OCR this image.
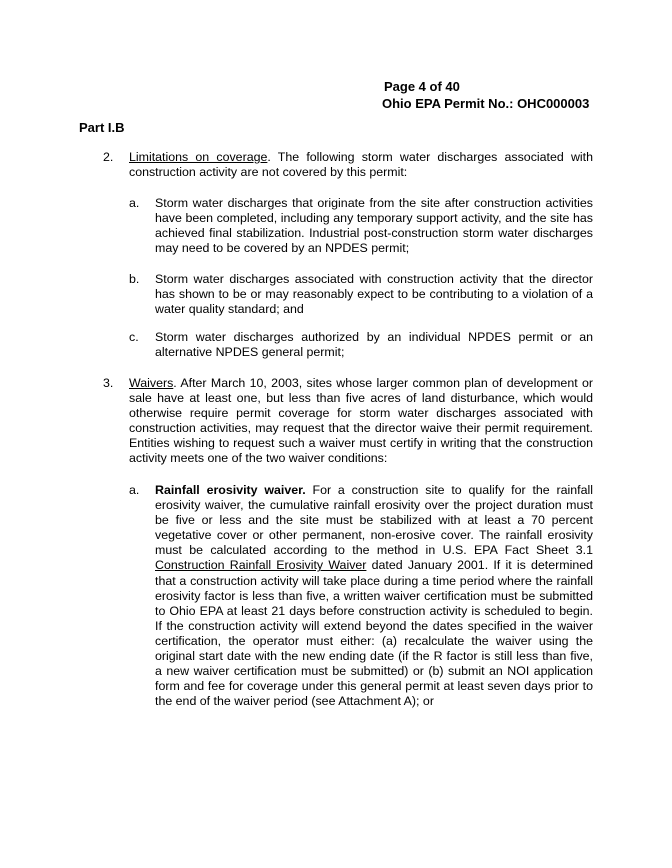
Page 4 of 40
Ohio EPA Permit No.: OHC000003
Part I.B
2. Limitations on coverage. The following storm water discharges associated with construction activity are not covered by this permit:
a. Storm water discharges that originate from the site after construction activities have been completed, including any temporary support activity, and the site has achieved final stabilization. Industrial post-construction storm water discharges may need to be covered by an NPDES permit;
b. Storm water discharges associated with construction activity that the director has shown to be or may reasonably expect to be contributing to a violation of a water quality standard; and
c. Storm water discharges authorized by an individual NPDES permit or an alternative NPDES general permit;
3. Waivers. After March 10, 2003, sites whose larger common plan of development or sale have at least one, but less than five acres of land disturbance, which would otherwise require permit coverage for storm water discharges associated with construction activities, may request that the director waive their permit requirement. Entities wishing to request such a waiver must certify in writing that the construction activity meets one of the two waiver conditions:
a. Rainfall erosivity waiver. For a construction site to qualify for the rainfall erosivity waiver, the cumulative rainfall erosivity over the project duration must be five or less and the site must be stabilized with at least a 70 percent vegetative cover or other permanent, non-erosive cover. The rainfall erosivity must be calculated according to the method in U.S. EPA Fact Sheet 3.1 Construction Rainfall Erosivity Waiver dated January 2001. If it is determined that a construction activity will take place during a time period where the rainfall erosivity factor is less than five, a written waiver certification must be submitted to Ohio EPA at least 21 days before construction activity is scheduled to begin. If the construction activity will extend beyond the dates specified in the waiver certification, the operator must either: (a) recalculate the waiver using the original start date with the new ending date (if the R factor is still less than five, a new waiver certification must be submitted) or (b) submit an NOI application form and fee for coverage under this general permit at least seven days prior to the end of the waiver period (see Attachment A); or
